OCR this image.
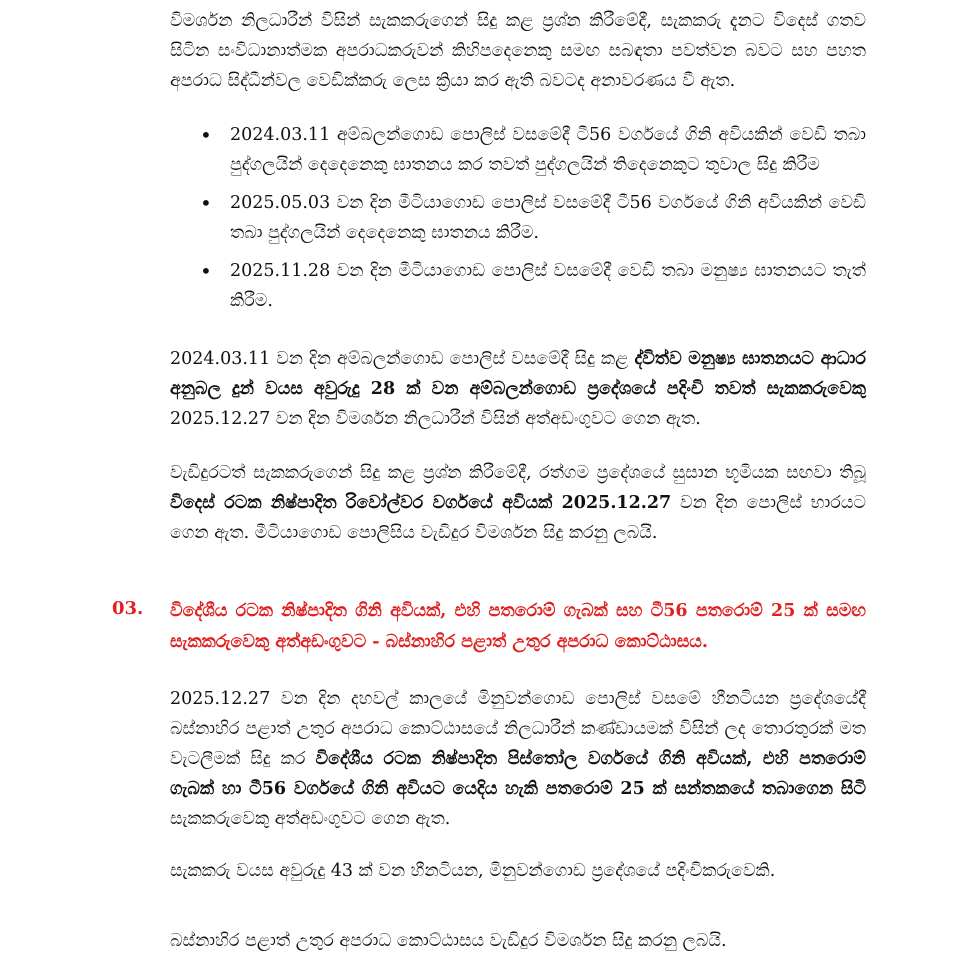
විමර්ශන නිලධාරීන් විසින් සැකකරුගෙන් සිදු කළ ප්‍රශ්න කිරීමේදී, සැකකරු දැනට විදෙස් ගතව සිටින සංවිධානාත්මක අපරාධකරුවන් කිහිපදෙනෙකු සමඟ සබඳතා පවත්වන බවට සහ පහත අපරාධ සිද්ධීන්වල වෙඩික්කරු ලෙස ක්‍රියා කර ඇති බවටද අනාවරණය වී ඇත.

• 2024.03.11 අම්බලන්ගොඩ පොලිස් වසමේදී ටී56 වර්ගයේ ගිනි අවියකින් වෙඩි තබා පුද්ගලයින් දෙදෙනෙකු ඝාතනය කර තවත් පුද්ගලයින් තිදෙනෙකුට තුවාල සිදු කිරීම
• 2025.05.03 වන දින මීටියාගොඩ පොලිස් වසමේදී ටී56 වර්ගයේ ගිනි අවියකින් වෙඩි තබා පුද්ගලයින් දෙදෙනෙකු ඝාතනය කිරීම.
• 2025.11.28 වන දින මීටියාගොඩ පොලිස් වසමේදී වෙඩි තබා මනුෂ්‍ය ඝාතනයට තැත් කිරීම.

2024.03.11 වන දින අම්බලන්ගොඩ පොලිස් වසමේදී සිදු කළ ද්විත්ව මනුෂ්‍ය ඝාතනයට ආධාර අනුබල දුන් වයස අවුරුදු 28 ක් වන අම්බලන්ගොඩ ප්‍රදේශයේ පදිංචි තවත් සැකකරුවෙකු 2025.12.27 වන දින විමර්ශන නිලධාරීන් විසින් අත්අඩංගුවට ගෙන ඇත.

වැඩිදුරටත් සැකකරුගෙන් සිදු කළ ප්‍රශ්න කිරීමේදී, රත්ගම ප්‍රදේශයේ සුසාන භූමියක සඟවා තිබූ විදෙස් රටක නිෂ්පාදිත රිවෝල්වර වර්ගයේ අවියක් 2025.12.27 වන දින පොලිස් භාරයට ගෙන ඇත. මීටියාගොඩ පොලිසිය වැඩිදුර විමර්ශන සිදු කරනු ලබයි.

03. විදේශීය රටක නිෂ්පාදිත ගිනි අවියක්, එහි පතරොම් ගැබක් සහ ටී56 පතරොම් 25 ක් සමඟ සැකකරුවෙකු අත්අඩංගුවට - බස්නාහිර පළාත් උතුර අපරාධ කොට්ඨාසය.

2025.12.27 වන දින දහවල් කාලයේ මිනුවන්ගොඩ පොලිස් වසමේ හීනටියන ප්‍රදේශයේදී බස්නාහිර පළාත් උතුර අපරාධ කොට්ඨාසයේ නිලධාරීන් කණ්ඩායමක් විසින් ලද තොරතුරක් මත වැටලීමක් සිදු කර විදේශීය රටක නිෂ්පාදිත පිස්තෝල වර්ගයේ ගිනි අවියක්, එහි පතරොම් ගැබක් හා ටී56 වර්ගයේ ගිනි අවියට යෙදිය හැකි පතරොම් 25 ක් සන්තකයේ තබාගෙන සිටි සැකකරුවෙකු අත්අඩංගුවට ගෙන ඇත.

සැකකරු වයස අවුරුදු 43 ක් වන හීනටියන, මිනුවන්ගොඩ ප්‍රදේශයේ පදිංචිකරුවෙකි.

බස්නාහිර පළාත් උතුර අපරාධ කොට්ඨාසය වැඩිදුර විමර්ශන සිදු කරනු ලබයි.
